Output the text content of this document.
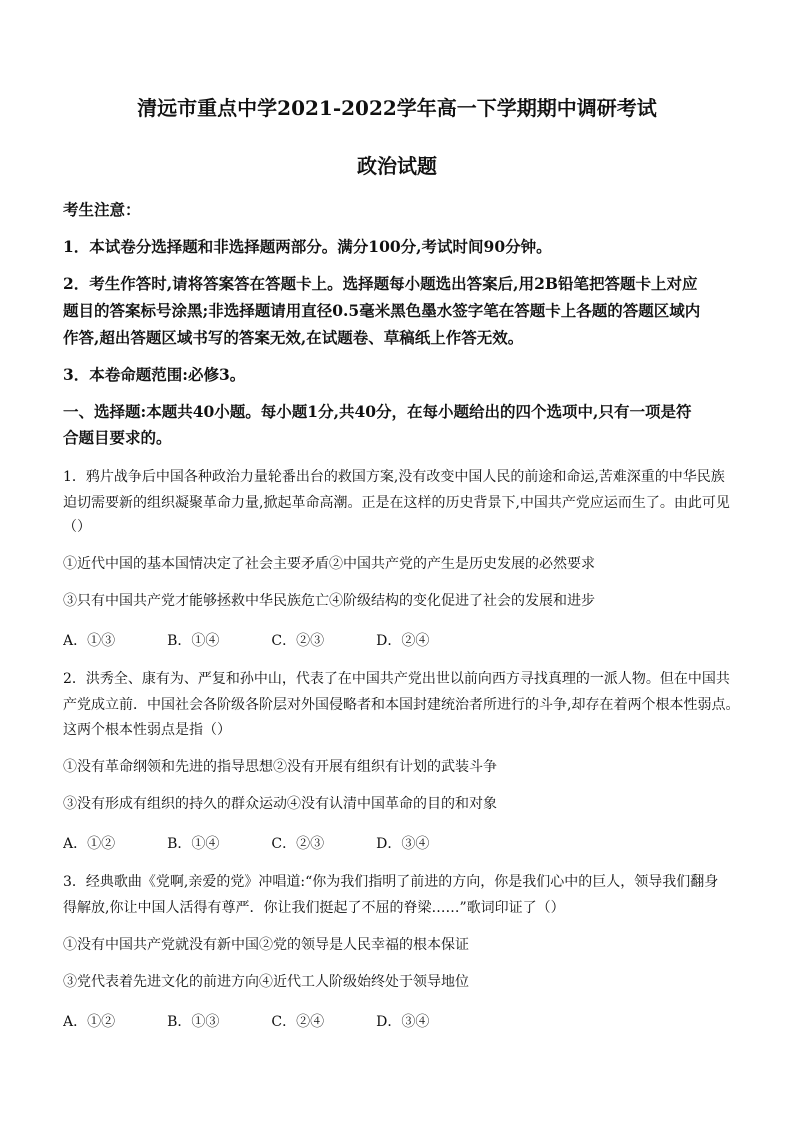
清远市重点中学2021-2022学年高一下学期期中调研考试
政治试题
考生注意：
1．本试卷分选择题和非选择题两部分。满分100分,考试时间90分钟。
2．考生作答时,请将答案答在答题卡上。选择题每小题选出答案后,用2B铅笔把答题卡上对应
题目的答案标号涂黑;非选择题请用直径0.5毫米黑色墨水签字笔在答题卡上各题的答题区域内
作答,超出答题区域书写的答案无效,在试题卷、草稿纸上作答无效。
3．本卷命题范围:必修3。
一、选择题:本题共40小题。每小题1分,共40分，在每小题给出的四个选项中,只有一项是符
合题目要求的。
1．鸦片战争后中国各种政治力量轮番出台的救国方案,没有改变中国人民的前途和命运,苦难深重的中华民族
迫切需要新的组织凝聚革命力量,掀起革命高潮。正是在这样的历史背景下,中国共产党应运而生了。由此可见
（）
①近代中国的基本国情决定了社会主要矛盾②中国共产党的产生是历史发展的必然要求
③只有中国共产党才能够拯救中华民族危亡④阶级结构的变化促进了社会的发展和进步
A．①③	B．①④	C．②③	D．②④
2．洪秀全、康有为、严复和孙中山，代表了在中国共产党出世以前向西方寻找真理的一派人物。但在中国共
产党成立前．中国社会各阶级各阶层对外国侵略者和本国封建统治者所进行的斗争,却存在着两个根本性弱点。
这两个根本性弱点是指（）
①没有革命纲领和先进的指导思想②没有开展有组织有计划的武装斗争
③没有形成有组织的持久的群众运动④没有认清中国革命的目的和对象
A．①②	B．①④	C．②③	D．③④
3．经典歌曲《党啊,亲爱的党》冲唱道:“你为我们指明了前进的方向，你是我们心中的巨人，领导我们翻身
得解放,你让中国人活得有尊严．你让我们挺起了不屈的脊梁……”歌词印证了（）
①没有中国共产党就没有新中国②党的领导是人民幸福的根本保证
③党代表着先进文化的前进方向④近代工人阶级始终处于领导地位
A．①②	B．①③	C．②④	D．③④
